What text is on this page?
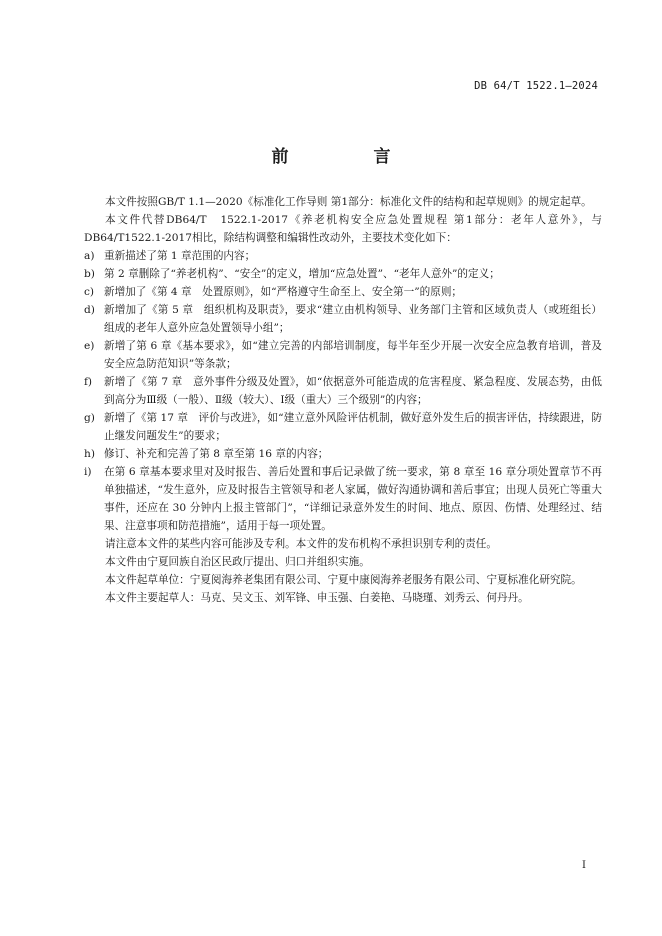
DB 64/T 1522.1—2024
前　言

本文件按照GB/T 1.1—2020《标准化工作导则 第1部分：标准化文件的结构和起草规则》的规定起草。

本文件代替DB64/T　1522.1-2017《养老机构安全应急处置规程 第1部分：老年人意外》，与DB64/T1522.1-2017相比，除结构调整和编辑性改动外，主要技术变化如下：

a) 重新描述了第 1 章范围的内容；
b) 第 2 章删除了“养老机构”、“安全”的定义，增加“应急处置”、“老年人意外”的定义；
c) 新增加了《第 4 章　处置原则》，如“严格遵守生命至上、安全第一”的原则；
d) 新增加了《第 5 章　组织机构及职责》，要求“建立由机构领导、业务部门主管和区域负责人（或班组长）组成的老年人意外应急处置领导小组”；
e) 新增了第 6 章《基本要求》，如“建立完善的内部培训制度，每半年至少开展一次安全应急教育培训，普及安全应急防范知识”等条款；
f)	新增了《第 7 章　意外事件分级及处置》，如“依据意外可能造成的危害程度、紧急程度、发展态势，由低到高分为Ⅲ级（一般）、Ⅱ级（较大）、Ⅰ级（重大）三个级别”的内容；
g) 新增了《第 17 章　评价与改进》，如“建立意外风险评估机制，做好意外发生后的损害评估，持续跟进，防止继发问题发生”的要求；
h) 修订、补充和完善了第 8 章至第 16 章的内容；
i)	在第 6 章基本要求里对及时报告、善后处置和事后记录做了统一要求，第 8 章至 16 章分项处置章节不再单独描述，“发生意外，应及时报告主管领导和老人家属，做好沟通协调和善后事宜；出现人员死亡等重大事件，还应在 30 分钟内上报主管部门”，“详细记录意外发生的时间、地点、原因、伤情、处理经过、结果、注意事项和防范措施”，适用于每一项处置。

请注意本文件的某些内容可能涉及专利。本文件的发布机构不承担识别专利的责任。

本文件由宁夏回族自治区民政厅提出、归口并组织实施。

本文件起草单位：宁夏阅海养老集团有限公司、宁夏中康阅海养老服务有限公司、宁夏标准化研究院。

本文件主要起草人：马克、吴文玉、刘军锋、申玉强、白姜艳、马晓瑾、刘秀云、何丹丹。

I
